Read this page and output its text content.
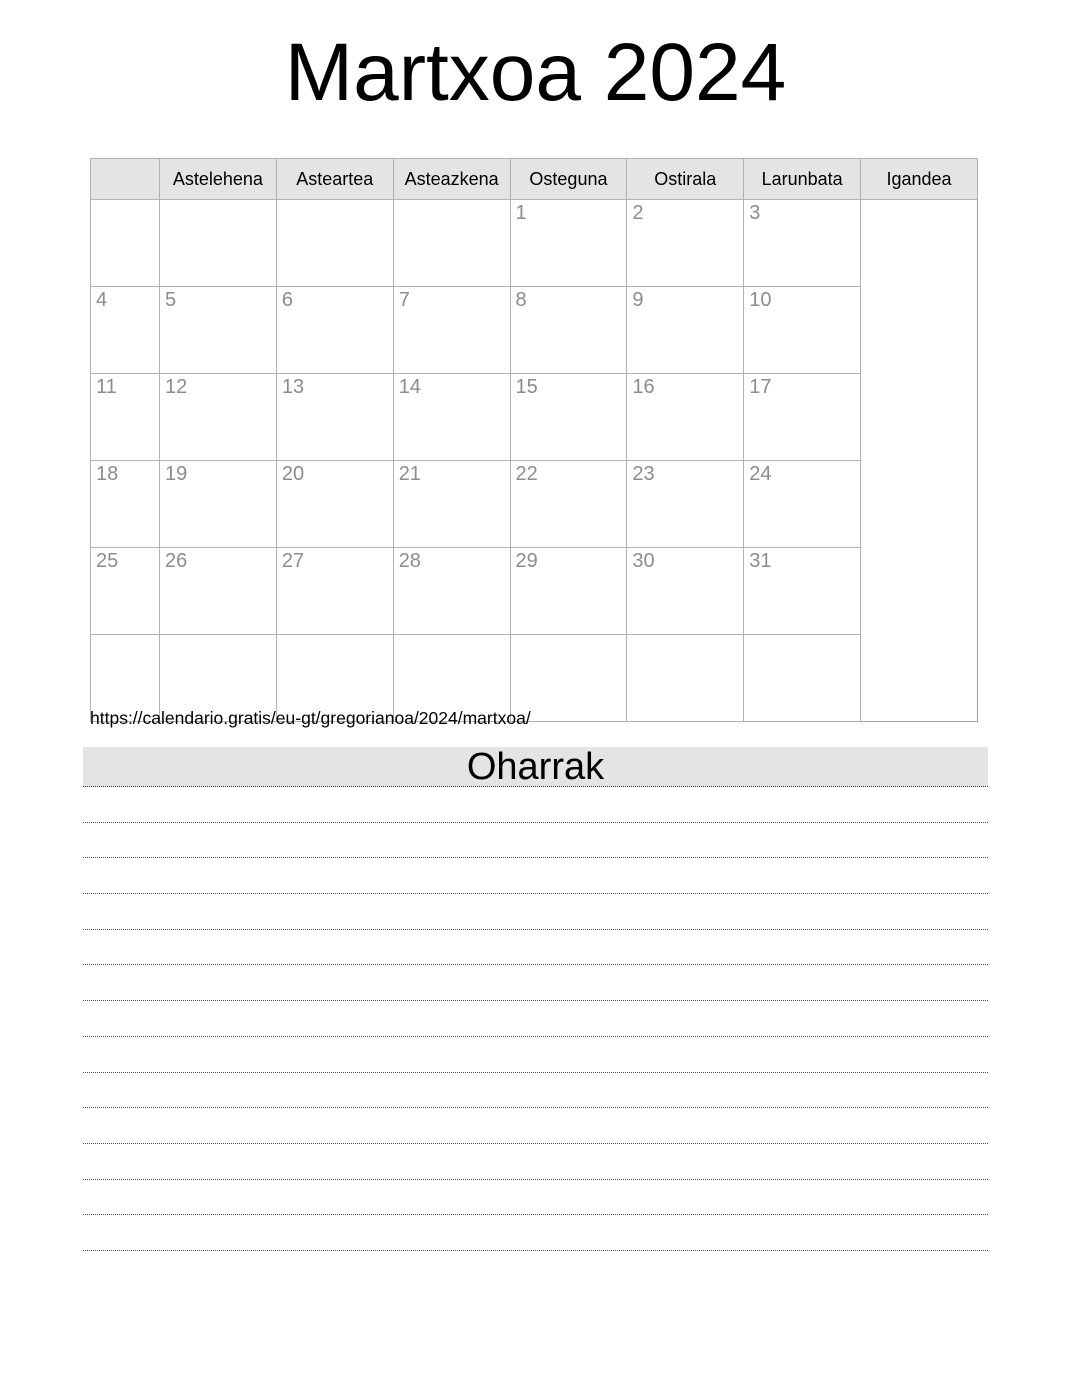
Martxoa 2024
	Astelehena	Asteartea	Asteazkena	Osteguna	Ostirala	Larunbata	Igandea
				1	2	3	
4	5	6	7	8	9	10	
11	12	13	14	15	16	17	
18	19	20	21	22	23	24	
25	26	27	28	29	30	31	

https://calendario.gratis/eu-gt/gregorianoa/2024/martxoa/
Oharrak
